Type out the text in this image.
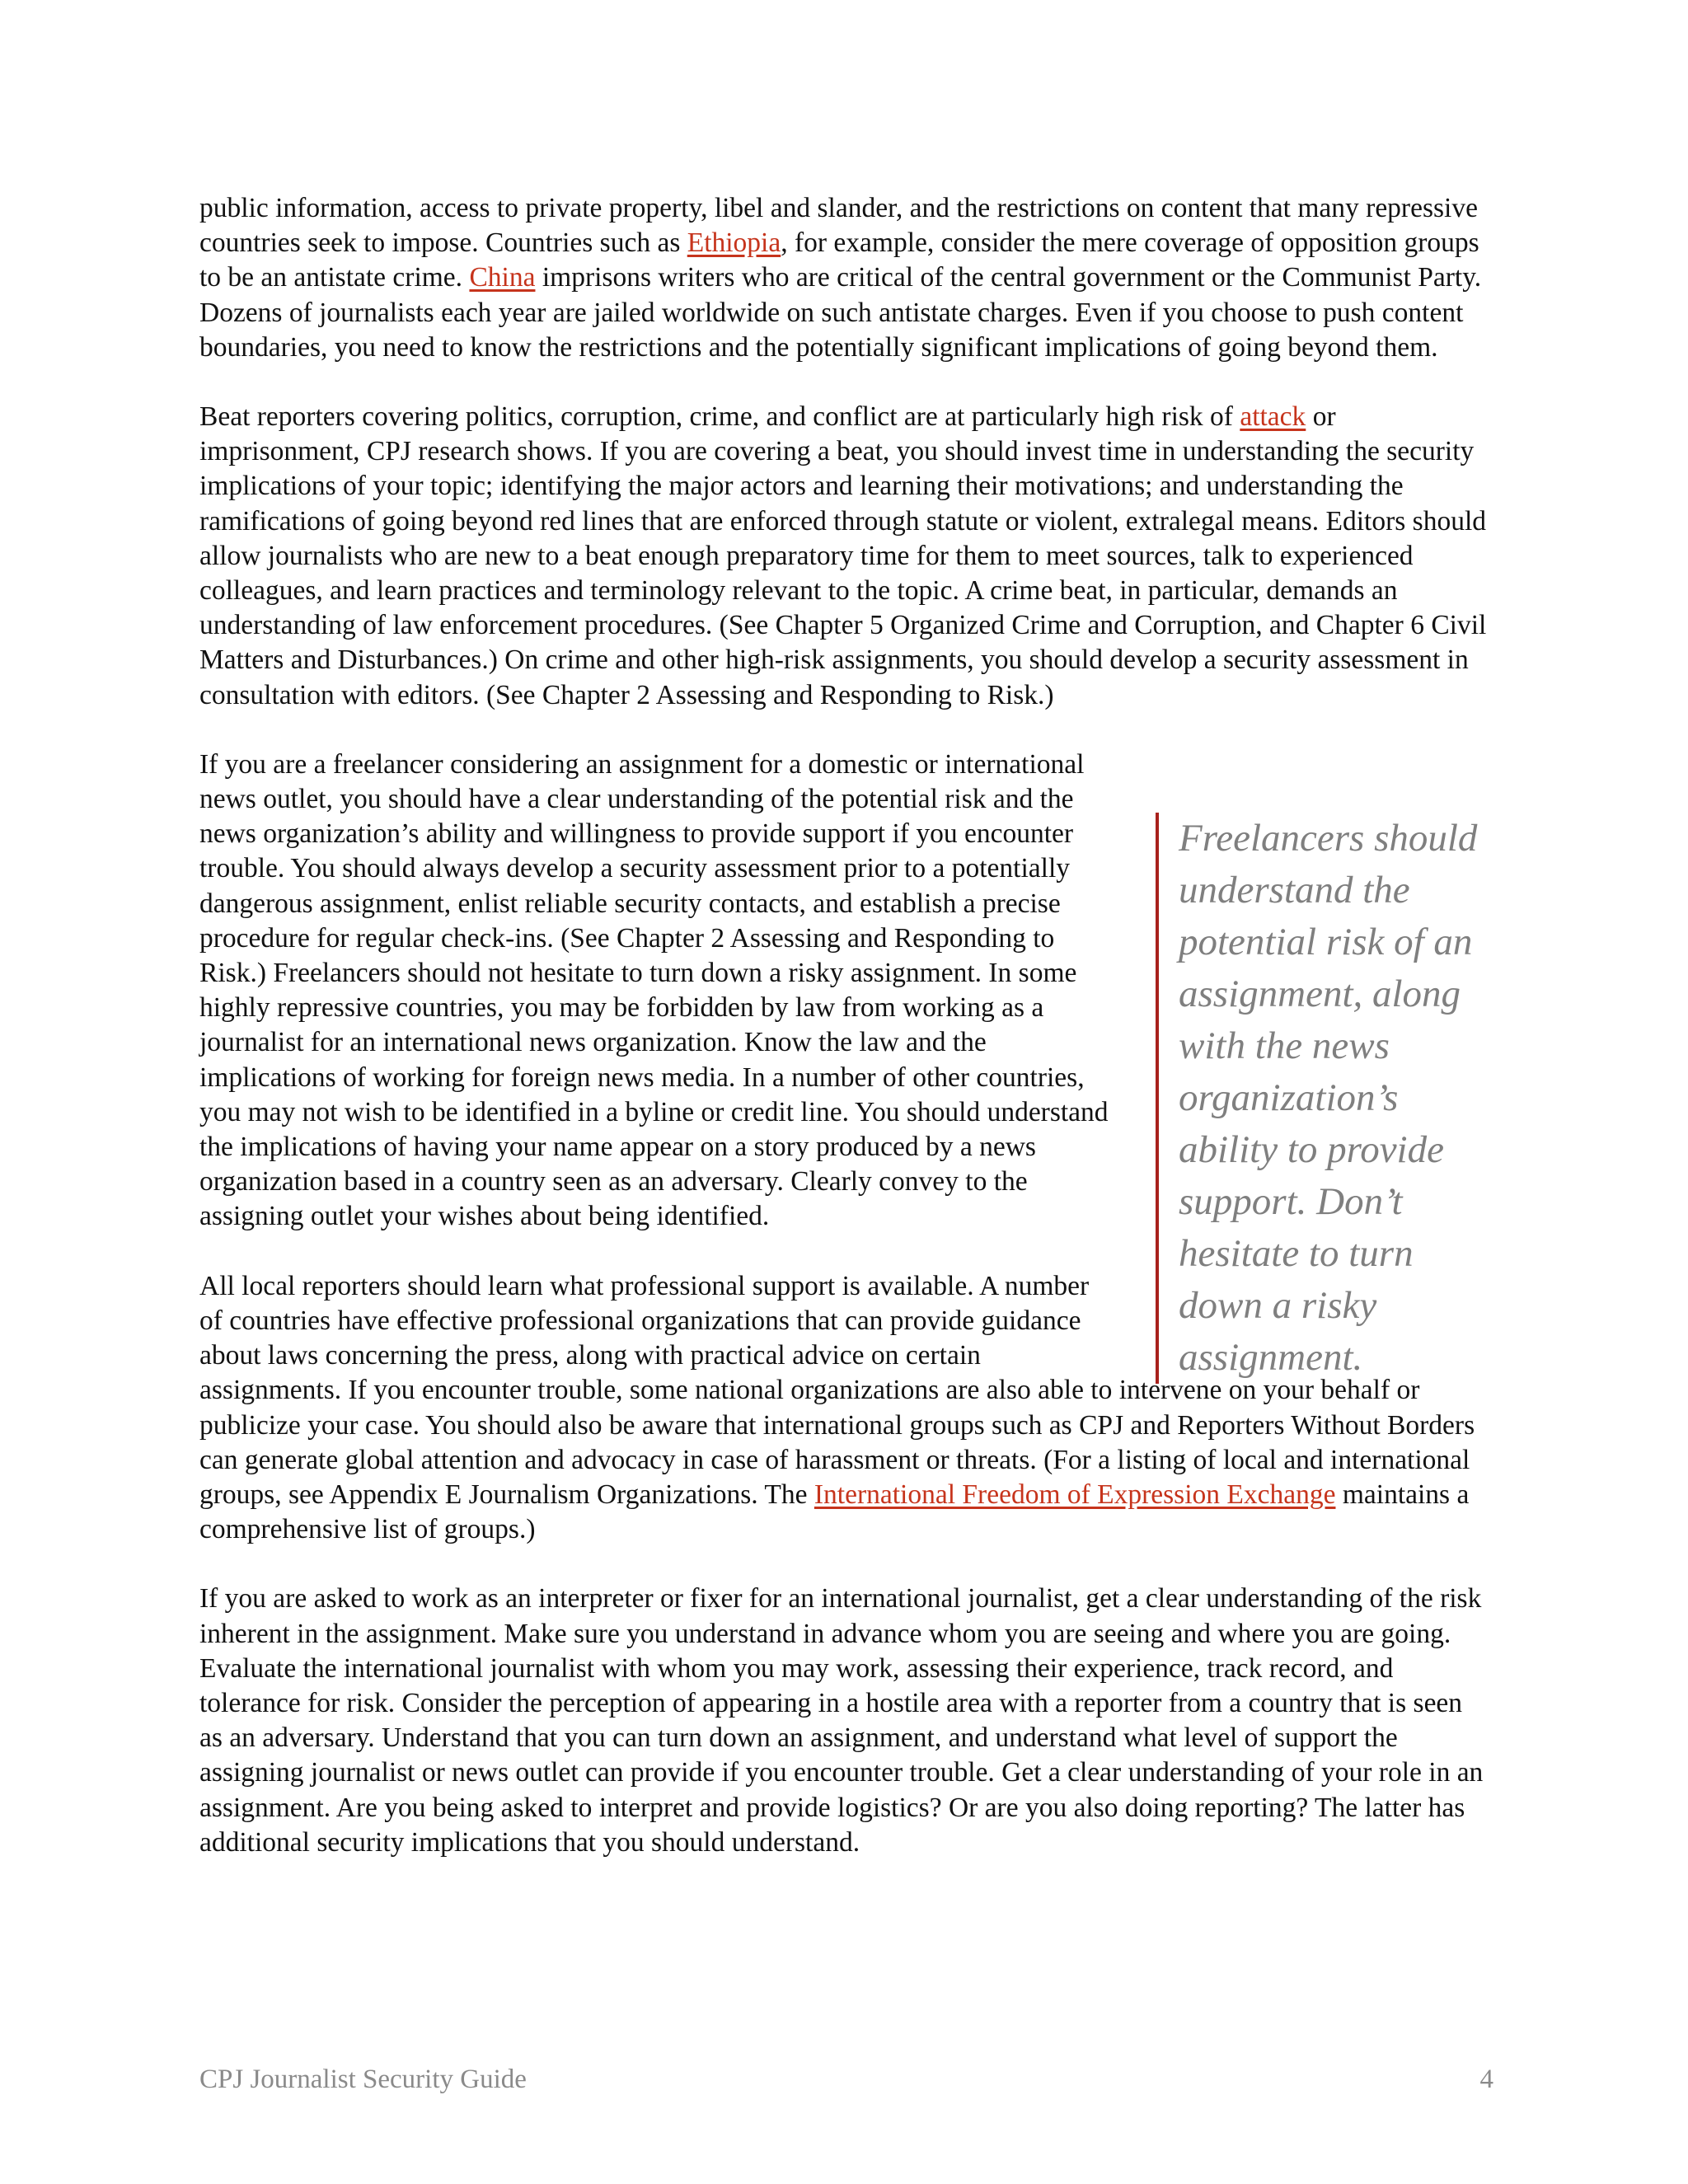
public information, access to private property, libel and slander, and the restrictions on content that many repressive countries seek to impose. Countries such as Ethiopia, for example, consider the mere coverage of opposition groups to be an antistate crime. China imprisons writers who are critical of the central government or the Communist Party. Dozens of journalists each year are jailed worldwide on such antistate charges. Even if you choose to push content boundaries, you need to know the restrictions and the potentially significant implications of going beyond them.

Beat reporters covering politics, corruption, crime, and conflict are at particularly high risk of attack or imprisonment, CPJ research shows. If you are covering a beat, you should invest time in understanding the security implications of your topic; identifying the major actors and learning their motivations; and understanding the ramifications of going beyond red lines that are enforced through statute or violent, extralegal means. Editors should allow journalists who are new to a beat enough preparatory time for them to meet sources, talk to experienced colleagues, and learn practices and terminology relevant to the topic. A crime beat, in particular, demands an understanding of law enforcement procedures. (See Chapter 5 Organized Crime and Corruption, and Chapter 6 Civil Matters and Disturbances.) On crime and other high-risk assignments, you should develop a security assessment in consultation with editors. (See Chapter 2 Assessing and Responding to Risk.)

If you are a freelancer considering an assignment for a domestic or international news outlet, you should have a clear understanding of the potential risk and the news organization’s ability and willingness to provide support if you encounter trouble. You should always develop a security assessment prior to a potentially dangerous assignment, enlist reliable security contacts, and establish a precise procedure for regular check-ins. (See Chapter 2 Assessing and Responding to Risk.) Freelancers should not hesitate to turn down a risky assignment. In some highly repressive countries, you may be forbidden by law from working as a journalist for an international news organization. Know the law and the implications of working for foreign news media. In a number of other countries, you may not wish to be identified in a byline or credit line. You should understand the implications of having your name appear on a story produced by a news organization based in a country seen as an adversary. Clearly convey to the assigning outlet your wishes about being identified.

All local reporters should learn what professional support is available. A number of countries have effective professional organizations that can provide guidance about laws concerning the press, along with practical advice on certain assignments. If you encounter trouble, some national organizations are also able to intervene on your behalf or publicize your case. You should also be aware that international groups such as CPJ and Reporters Without Borders can generate global attention and advocacy in case of harassment or threats. (For a listing of local and international groups, see Appendix E Journalism Organizations. The International Freedom of Expression Exchange maintains a comprehensive list of groups.)

If you are asked to work as an interpreter or fixer for an international journalist, get a clear understanding of the risk inherent in the assignment. Make sure you understand in advance whom you are seeing and where you are going. Evaluate the international journalist with whom you may work, assessing their experience, track record, and tolerance for risk. Consider the perception of appearing in a hostile area with a reporter from a country that is seen as an adversary. Understand that you can turn down an assignment, and understand what level of support the assigning journalist or news outlet can provide if you encounter trouble. Get a clear understanding of your role in an assignment. Are you being asked to interpret and provide logistics? Or are you also doing reporting? The latter has additional security implications that you should understand.

Freelancers should understand the potential risk of an assignment, along with the news organization’s ability to provide support. Don’t hesitate to turn down a risky assignment.
CPJ Journalist Security Guide	4
